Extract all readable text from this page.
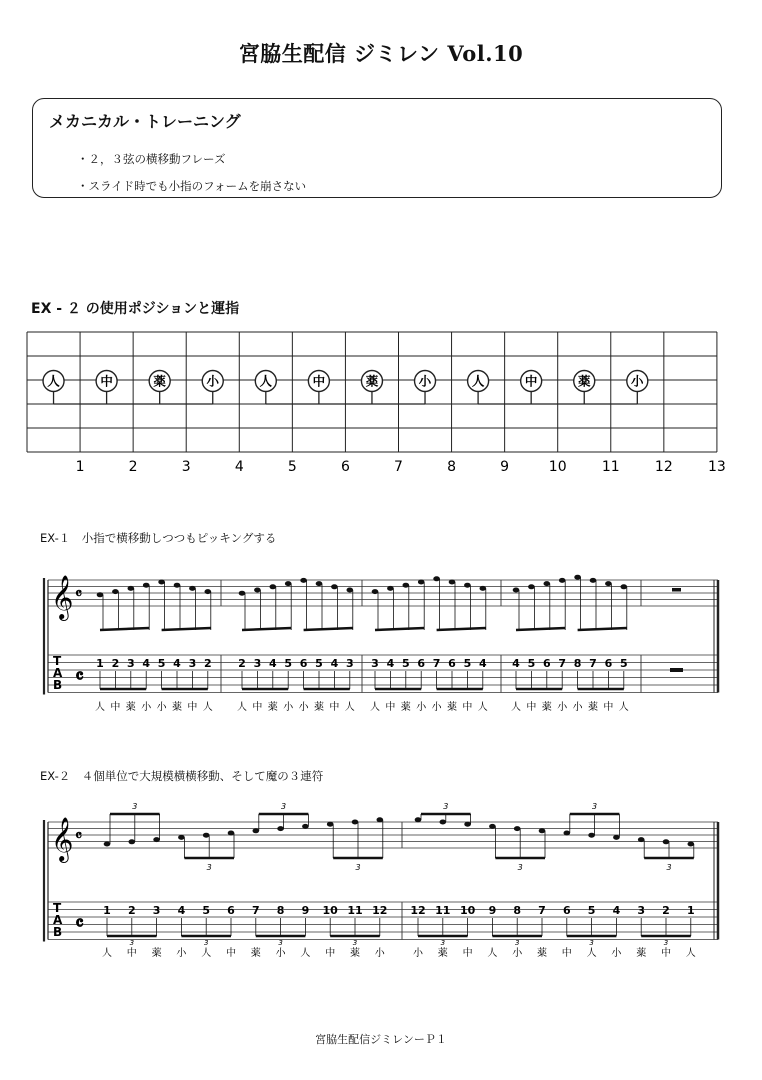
宮脇生配信 ジミレン Vol.10
メカニカル・トレーニング
・２，３弦の横移動フレーズ
・スライド時でも小指のフォームを崩さない
EX - ２ の使用ポジションと運指
1	2	3	4	5	6	7	8	9	10	11	12	13
人	中	薬	小	人	中	薬	小	人	中	薬	小
EX-１　小指で横移動しつつもピッキングする
𝄞 𝄴
𝄴
T
A
B
1
人
2
中
3
薬
4
小
5
小
4
薬
3
中
2
人
2
人
3
中
4
薬
5
小
6
小
5
薬
4
中
3
人
3
人
4
中
5
薬
6
小
7
小
6
薬
5
中
4
人
4
人
5
中
6
薬
7
小
8
小
7
薬
6
中
5
人
EX-２　４個単位で大規模横横移動、そして魔の３連符
𝄞 𝄴
𝄴
T
A
B
1
人
2
中
3
薬
4
小
5
人
6
中
7
薬
8
小
9
人
10
中
11
薬
12
小
3
3
3
3
3
3
3
3
12
小
11
薬
10
中
9
人
8
小
7
薬
6
中
5
人
4
小
3
薬
2
中
1
人
3
3
3
3
3
3
3
3
宮脇生配信ジミレンーＰ１
